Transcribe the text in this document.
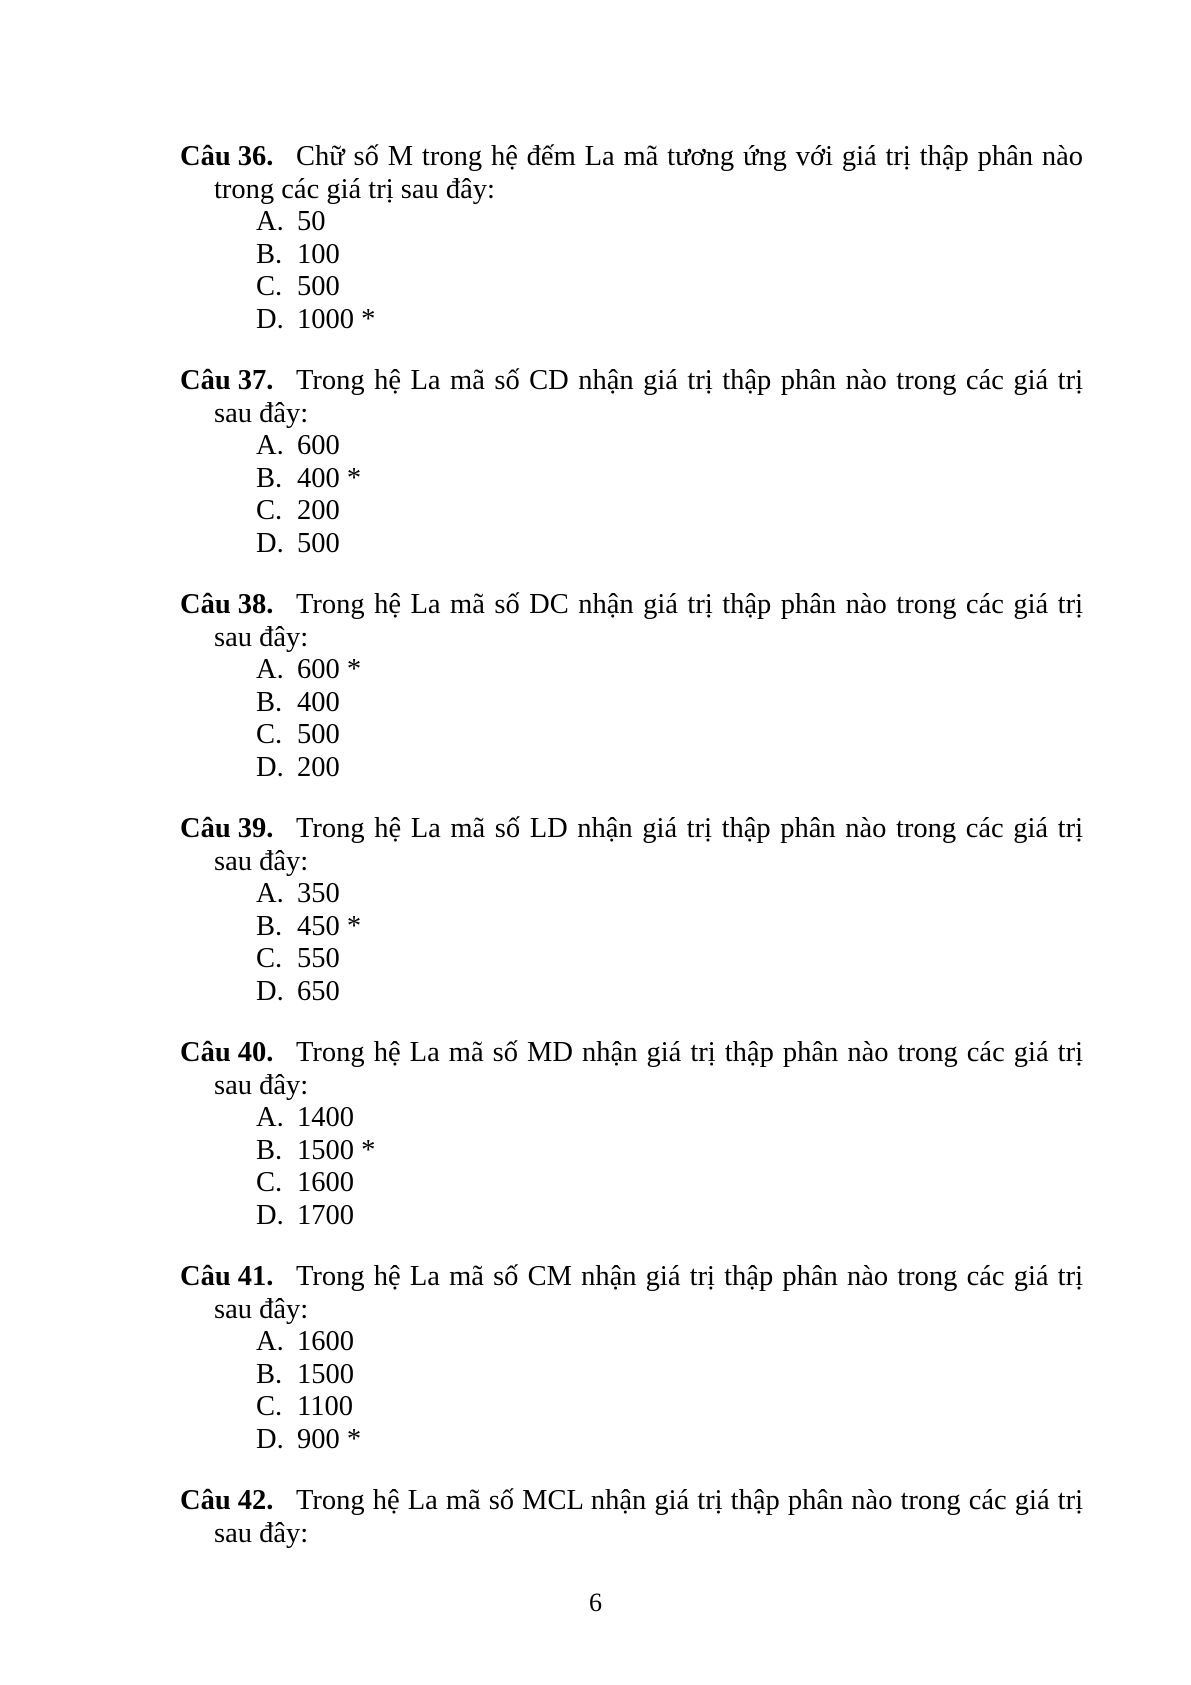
Câu 36. Chữ số M trong hệ đếm La mã tương ứng với giá trị thập phân nào trong các giá trị sau đây:
A. 50
B. 100
C. 500
D. 1000 *
Câu 37. Trong hệ La mã số CD nhận giá trị thập phân nào trong các giá trị sau đây:
A. 600
B. 400 *
C. 200
D. 500
Câu 38. Trong hệ La mã số DC nhận giá trị thập phân nào trong các giá trị sau đây:
A. 600 *
B. 400
C. 500
D. 200
Câu 39. Trong hệ La mã số LD nhận giá trị thập phân nào trong các giá trị sau đây:
A. 350
B. 450 *
C. 550
D. 650
Câu 40. Trong hệ La mã số MD nhận giá trị thập phân nào trong các giá trị sau đây:
A. 1400
B. 1500 *
C. 1600
D. 1700
Câu 41. Trong hệ La mã số CM nhận giá trị thập phân nào trong các giá trị sau đây:
A. 1600
B. 1500
C. 1100
D. 900 *
Câu 42. Trong hệ La mã số MCL nhận giá trị thập phân nào trong các giá trị sau đây:
6
